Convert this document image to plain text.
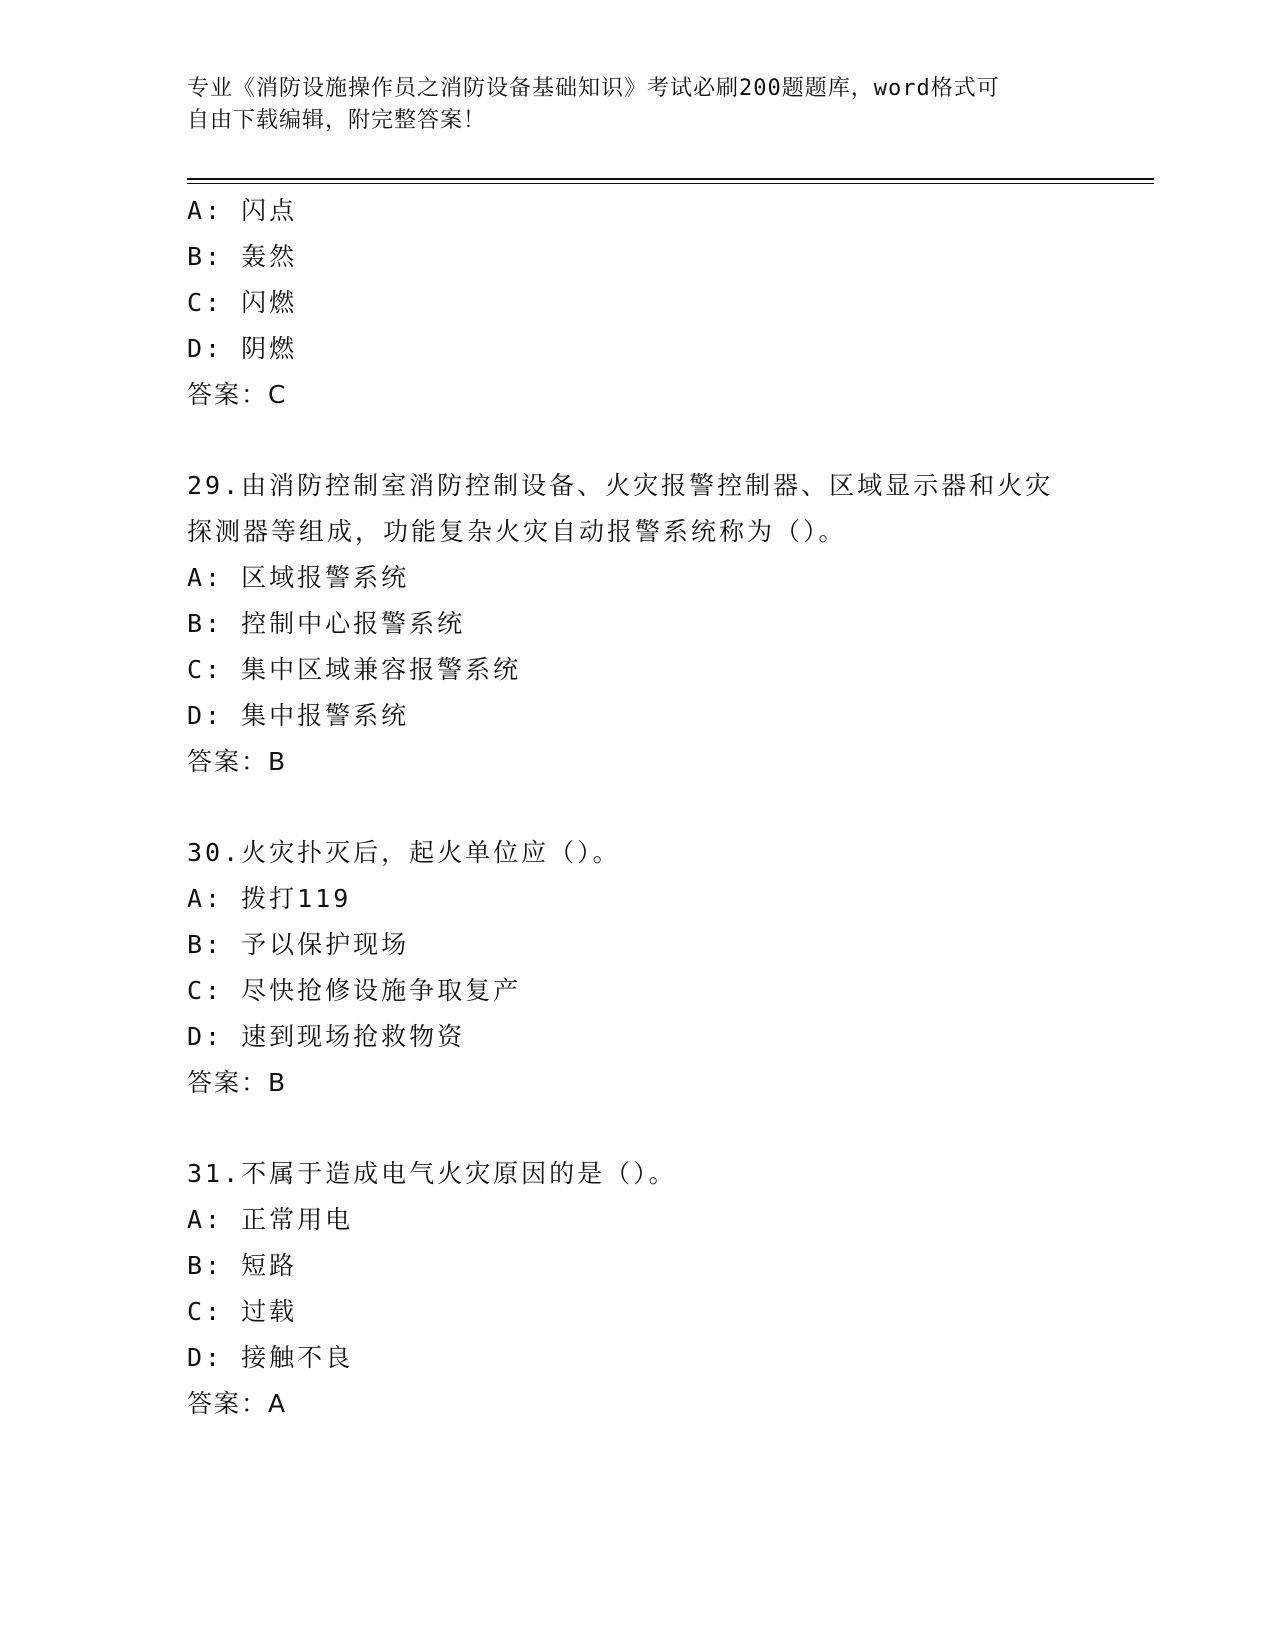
专业《消防设施操作员之消防设备基础知识》考试必刷200题题库，word格式可
自由下载编辑，附完整答案！
A: 闪点
B: 轰然
C: 闪燃
D: 阴燃
答案：C
29.由消防控制室消防控制设备、火灾报警控制器、区域显示器和火灾
探测器等组成，功能复杂火灾自动报警系统称为（）。
A: 区域报警系统
B: 控制中心报警系统
C: 集中区域兼容报警系统
D: 集中报警系统
答案：B
30.火灾扑灭后，起火单位应（）。
A: 拨打119
B: 予以保护现场
C: 尽快抢修设施争取复产
D: 速到现场抢救物资
答案：B
31.不属于造成电气火灾原因的是（）。
A: 正常用电
B: 短路
C: 过载
D: 接触不良
答案：A
